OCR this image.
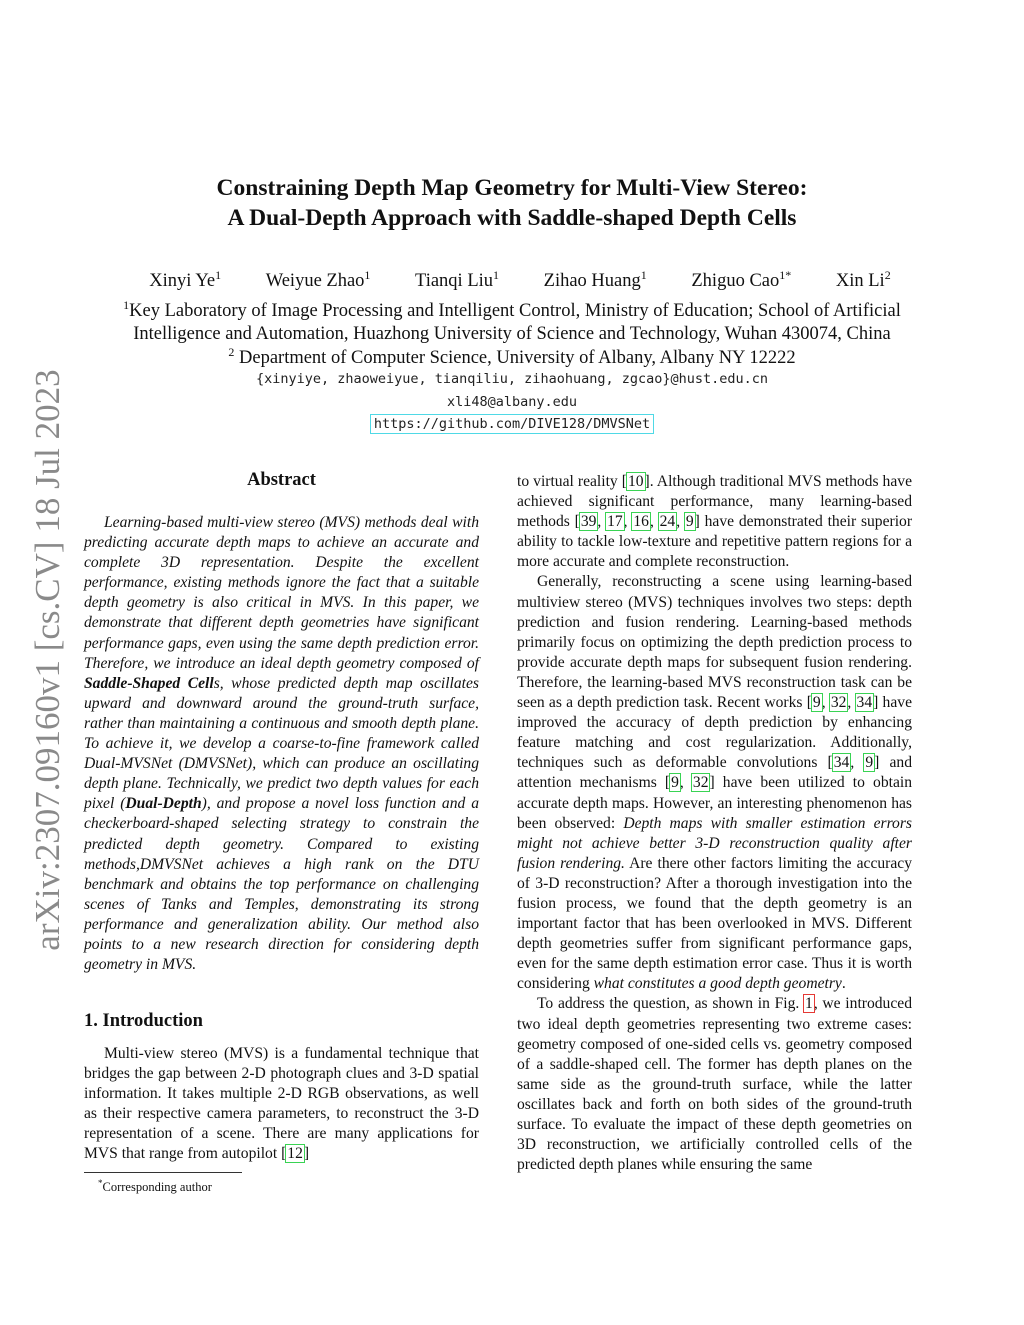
arXiv:2307.09160v1 [cs.CV] 18 Jul 2023
Constraining Depth Map Geometry for Multi-View Stereo:
A Dual-Depth Approach with Saddle-shaped Depth Cells
Xinyi Ye$^1$ Weiyue Zhao$^1$ Tianqi Liu$^1$ Zihao Huang$^1$ Zhiguo Cao$^{1*}$ Xin Li$^2$
$^1$Key Laboratory of Image Processing and Intelligent Control, Ministry of Education; School of Artificial
Intelligence and Automation, Huazhong University of Science and Technology, Wuhan 430074, China
$^2$ Department of Computer Science, University of Albany, Albany NY 12222
{xinyiye, zhaoweiyue, tianqiliu, zihaohuang, zgcao}@hust.edu.cn
xli48@albany.edu
https://github.com/DIVE128/DMVSNet
Abstract

Learning-based multi-view stereo (MVS) methods deal with predicting accurate depth maps to achieve an accurate and complete 3D representation. Despite the excellent performance, existing methods ignore the fact that a suitable depth geometry is also critical in MVS. In this paper, we demonstrate that different depth geometries have significant performance gaps, even using the same depth prediction error. Therefore, we introduce an ideal depth geometry composed of Saddle-Shaped Cells, whose predicted depth map oscillates upward and downward around the ground-truth surface, rather than maintaining a continuous and smooth depth plane. To achieve it, we develop a coarse-to-fine framework called Dual-MVSNet (DMVSNet), which can produce an oscillating depth plane. Technically, we predict two depth values for each pixel (Dual-Depth), and propose a novel loss function and a checkerboard-shaped selecting strategy to constrain the predicted depth geometry. Compared to existing methods,DMVSNet achieves a high rank on the DTU benchmark and obtains the top performance on challenging scenes of Tanks and Temples, demonstrating its strong performance and generalization ability. Our method also points to a new research direction for considering depth geometry in MVS.

1. Introduction

Multi-view stereo (MVS) is a fundamental technique that bridges the gap between 2-D photograph clues and 3-D spatial information. It takes multiple 2-D RGB observations, as well as their respective camera parameters, to reconstruct the 3-D representation of a scene. There are many applications for MVS that range from autopilot [12]

to virtual reality [10]. Although traditional MVS methods have achieved significant performance, many learning-based methods [39, 17, 16, 24, 9] have demonstrated their superior ability to tackle low-texture and repetitive pattern regions for a more accurate and complete reconstruction.

Generally, reconstructing a scene using learning-based multiview stereo (MVS) techniques involves two steps: depth prediction and fusion rendering. Learning-based methods primarily focus on optimizing the depth prediction process to provide accurate depth maps for subsequent fusion rendering. Therefore, the learning-based MVS reconstruction task can be seen as a depth prediction task. Recent works [9, 32, 34] have improved the accuracy of depth prediction by enhancing feature matching and cost regularization. Additionally, techniques such as deformable convolutions [34, 9] and attention mechanisms [9, 32] have been utilized to obtain accurate depth maps. However, an interesting phenomenon has been observed: Depth maps with smaller estimation errors might not achieve better 3-D reconstruction quality after fusion rendering. Are there other factors limiting the accuracy of 3-D reconstruction? After a thorough investigation into the fusion process, we found that the depth geometry is an important factor that has been overlooked in MVS. Different depth geometries suffer from significant performance gaps, even for the same depth estimation error case. Thus it is worth considering what constitutes a good depth geometry.

To address the question, as shown in Fig. 1, we introduced two ideal depth geometries representing two extreme cases: geometry composed of one-sided cells vs. geometry composed of a saddle-shaped cell. The former has depth planes on the same side as the ground-truth surface, while the latter oscillates back and forth on both sides of the ground-truth surface. To evaluate the impact of these depth geometries on 3D reconstruction, we artificially controlled cells of the predicted depth planes while ensuring the same

*Corresponding author
